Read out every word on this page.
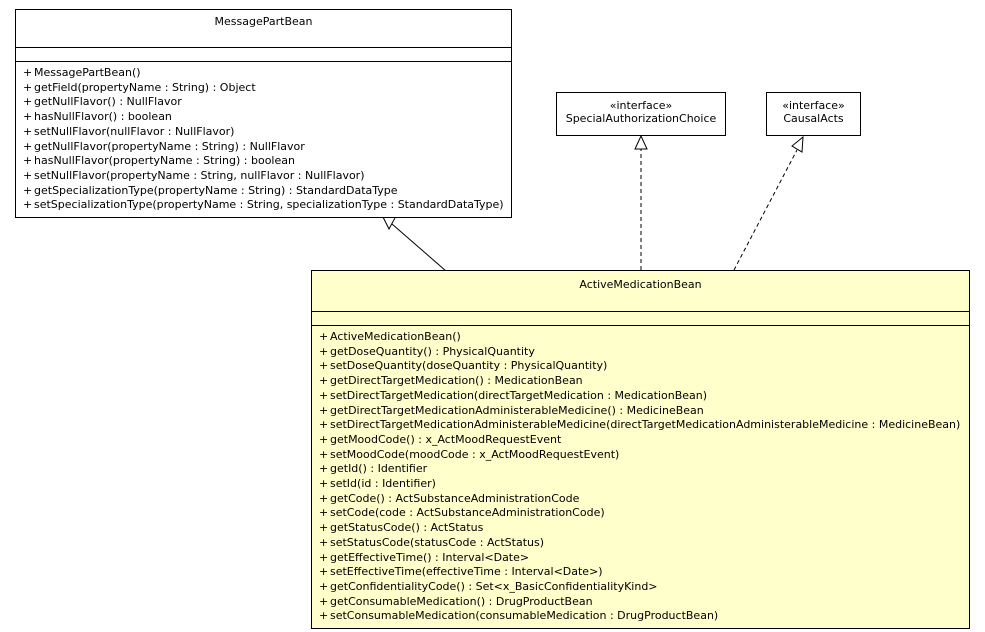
MessagePartBean
+ MessagePartBean()
+ getField(propertyName : String) : Object
+ getNullFlavor() : NullFlavor
+ hasNullFlavor() : boolean
+ setNullFlavor(nullFlavor : NullFlavor)
+ getNullFlavor(propertyName : String) : NullFlavor
+ hasNullFlavor(propertyName : String) : boolean
+ setNullFlavor(propertyName : String, nullFlavor : NullFlavor)
+ getSpecializationType(propertyName : String) : StandardDataType
+ setSpecializationType(propertyName : String, specializationType : StandardDataType)
«interface»
SpecialAuthorizationChoice
«interface»
CausalActs
ActiveMedicationBean
+ ActiveMedicationBean()
+ getDoseQuantity() : PhysicalQuantity
+ setDoseQuantity(doseQuantity : PhysicalQuantity)
+ getDirectTargetMedication() : MedicationBean
+ setDirectTargetMedication(directTargetMedication : MedicationBean)
+ getDirectTargetMedicationAdministerableMedicine() : MedicineBean
+ setDirectTargetMedicationAdministerableMedicine(directTargetMedicationAdministerableMedicine : MedicineBean)
+ getMoodCode() : x_ActMoodRequestEvent
+ setMoodCode(moodCode : x_ActMoodRequestEvent)
+ getId() : Identifier
+ setId(id : Identifier)
+ getCode() : ActSubstanceAdministrationCode
+ setCode(code : ActSubstanceAdministrationCode)
+ getStatusCode() : ActStatus
+ setStatusCode(statusCode : ActStatus)
+ getEffectiveTime() : Interval<Date>
+ setEffectiveTime(effectiveTime : Interval<Date>)
+ getConfidentialityCode() : Set<x_BasicConfidentialityKind>
+ getConsumableMedication() : DrugProductBean
+ setConsumableMedication(consumableMedication : DrugProductBean)
